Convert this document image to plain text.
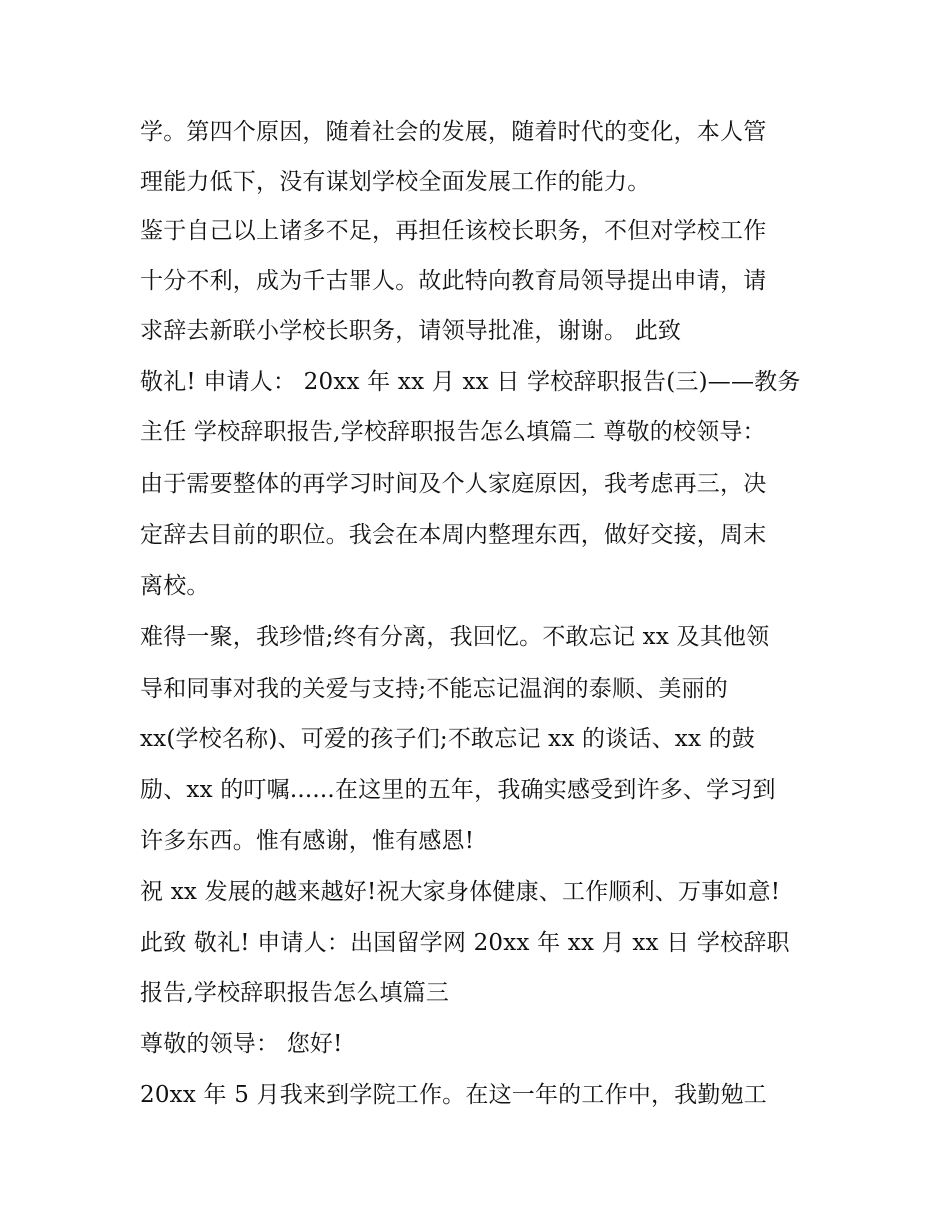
学。第四个原因，随着社会的发展，随着时代的变化，本人管
理能力低下，没有谋划学校全面发展工作的能力。
鉴于自己以上诸多不足，再担任该校长职务，不但对学校工作
十分不利，成为千古罪人。故此特向教育局领导提出申请，请
求辞去新联小学校长职务，请领导批准，谢谢。 此致
敬礼! 申请人： 20xx 年 xx 月 xx 日 学校辞职报告(三)——教务
主任 学校辞职报告,学校辞职报告怎么填篇二 尊敬的校领导：
由于需要整体的再学习时间及个人家庭原因，我考虑再三，决
定辞去目前的职位。我会在本周内整理东西，做好交接，周末
离校。
难得一聚，我珍惜;终有分离，我回忆。不敢忘记 xx 及其他领
导和同事对我的关爱与支持;不能忘记温润的泰顺、美丽的
xx(学校名称)、可爱的孩子们;不敢忘记 xx 的谈话、xx 的鼓
励、xx 的叮嘱......在这里的五年，我确实感受到许多、学习到
许多东西。惟有感谢，惟有感恩!
祝 xx 发展的越来越好!祝大家身体健康、工作顺利、万事如意!
此致 敬礼! 申请人：出国留学网 20xx 年 xx 月 xx 日 学校辞职
报告,学校辞职报告怎么填篇三
尊敬的领导： 您好!
20xx 年 5 月我来到学院工作。在这一年的工作中，我勤勉工
